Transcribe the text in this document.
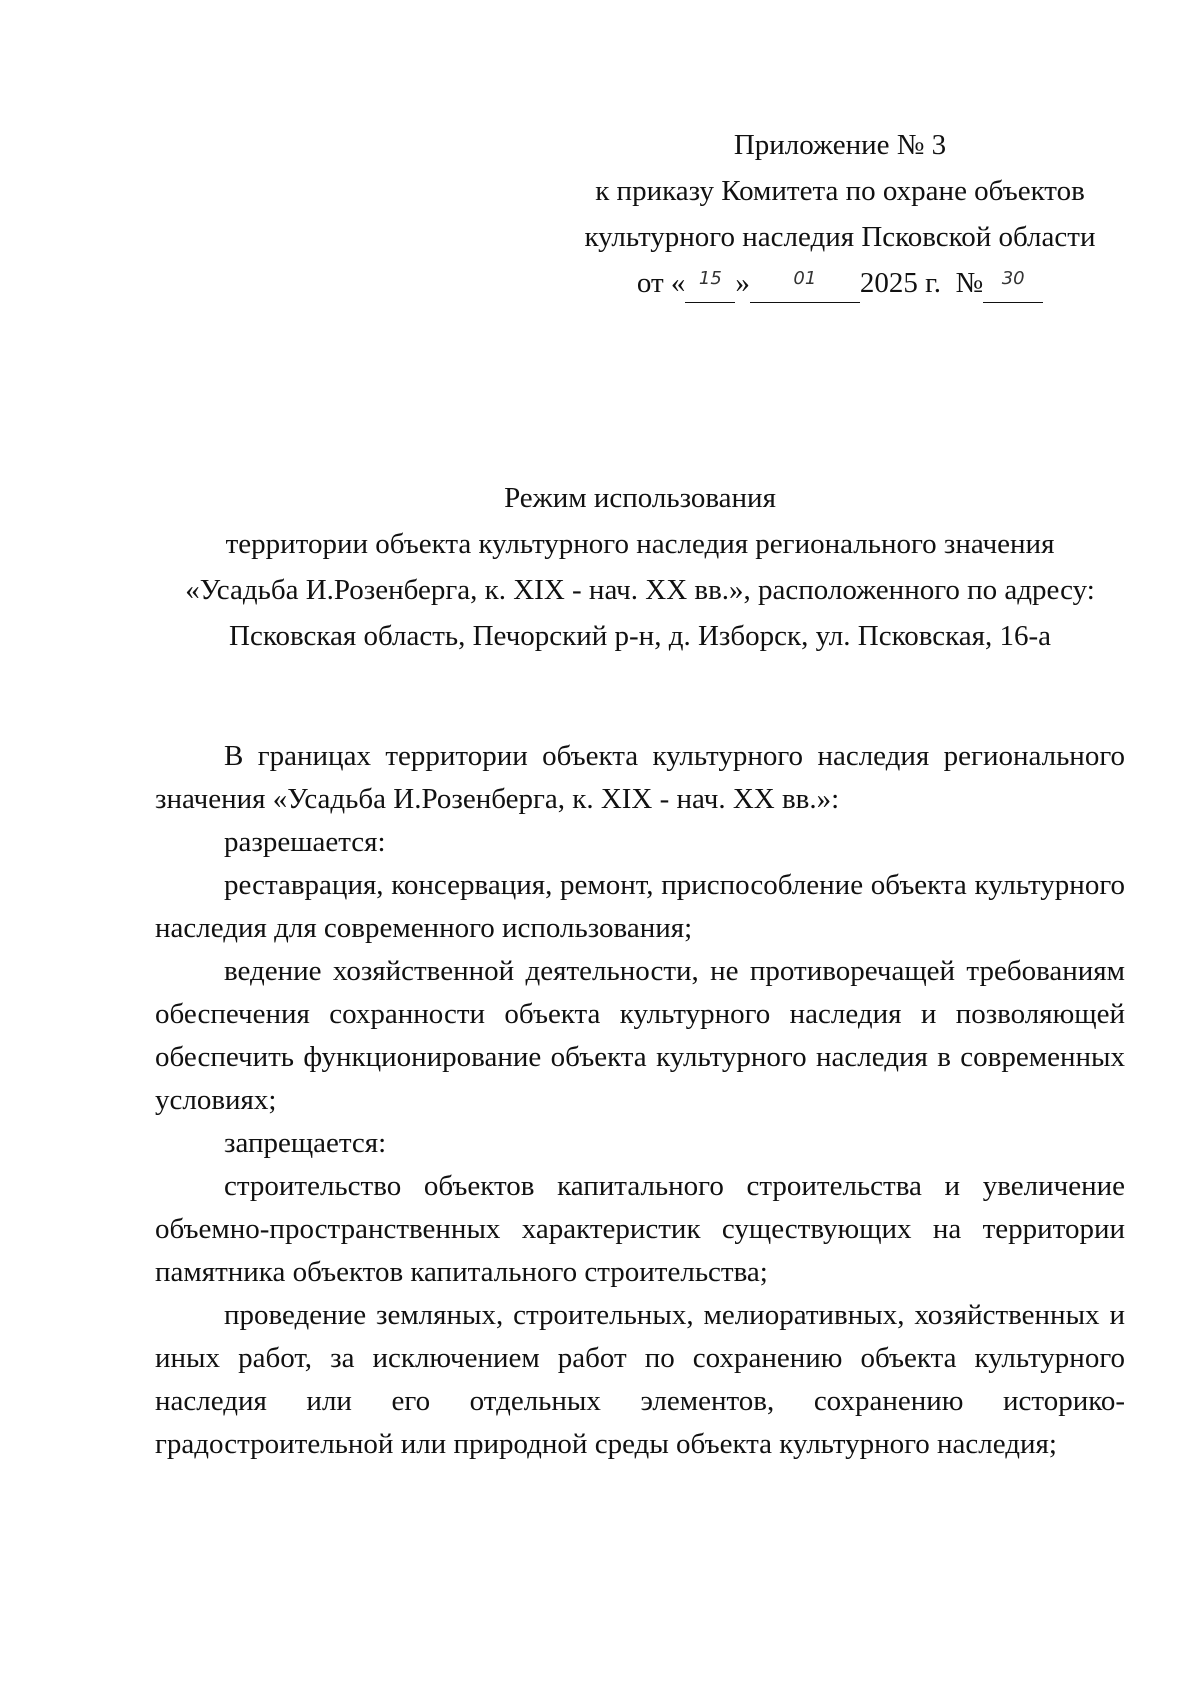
Приложение № 3
к приказу Комитета по охране объектов
культурного наследия Псковской области
от « $^{15}$ » $^{01}$ 2025 г. № $^{30}$
Режим использования
территории объекта культурного наследия регионального значения
«Усадьба И.Розенберга, к. XIX - нач. XX вв.», расположенного по адресу:
Псковская область, Печорский р-н, д. Изборск, ул. Псковская, 16-а

В границах территории объекта культурного наследия регионального значения «Усадьба И.Розенберга, к. XIX - нач. XX вв.»:

разрешается:

реставрация, консервация, ремонт, приспособление объекта культурного наследия для современного использования;

ведение хозяйственной деятельности, не противоречащей требованиям обеспечения сохранности объекта культурного наследия и позволяющей обеспечить функционирование объекта культурного наследия в современных условиях;

запрещается:

строительство объектов капитального строительства и увеличение объемно-пространственных характеристик существующих на территории памятника объектов капитального строительства;

проведение земляных, строительных, мелиоративных, хозяйственных и иных работ, за исключением работ по сохранению объекта культурного наследия или его отдельных элементов, сохранению историко-градостроительной или природной среды объекта культурного наследия;
